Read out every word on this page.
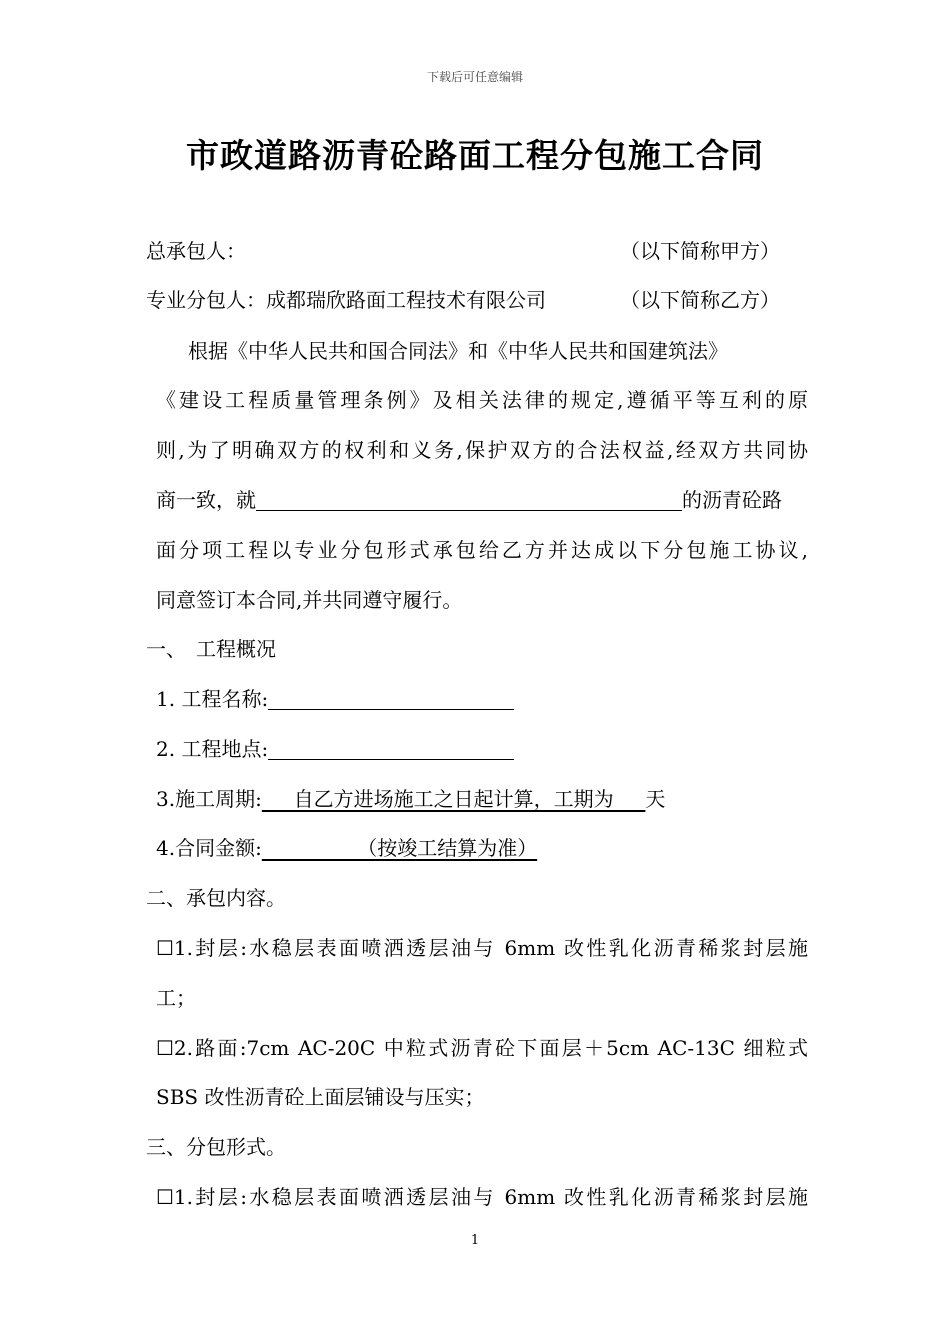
下载后可任意编辑
市政道路沥青砼路面工程分包施工合同
总承包人：	（以下简称甲方）
专业分包人：成都瑞欣路面工程技术有限公司	（以下简称乙方）
根据《中华人民共和国合同法》和《中华人民共和国建筑法》
《建设工程质量管理条例》及相关法律的规定,遵循平等互利的原
则,为了明确双方的权利和义务,保护双方的合法权益,经双方共同协
商一致，就	的沥青砼路
面分项工程以专业分包形式承包给乙方并达成以下分包施工协议,
同意签订本合同,并共同遵守履行。
一、　工程概况
1. 工程名称:
2. 工程地点:
3.施工周期:     自乙方进场施工之日起计算，工期为     天
4.合同金额:               （按竣工结算为准）
二、承包内容。
☐1.封层:水稳层表面喷洒透层油与 6mm 改性乳化沥青稀浆封层施
工；
☐2.路面:7cm AC-20C 中粒式沥青砼下面层＋5cm AC-13C 细粒式
SBS 改性沥青砼上面层铺设与压实；
三、分包形式。
☐1.封层:水稳层表面喷洒透层油与 6mm 改性乳化沥青稀浆封层施
1
